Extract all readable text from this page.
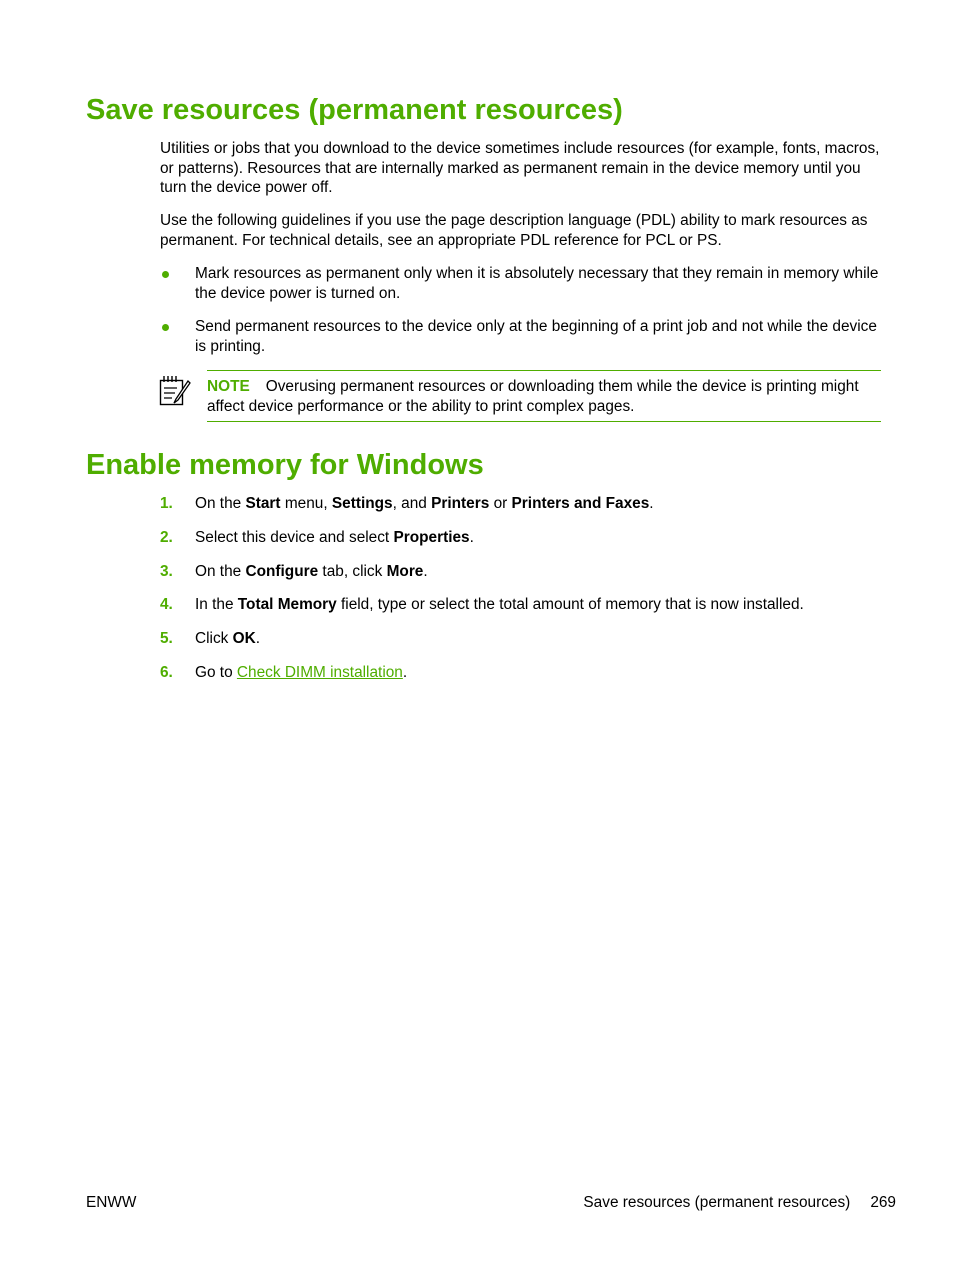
Save resources (permanent resources)

Utilities or jobs that you download to the device sometimes include resources (for example, fonts, macros, or patterns). Resources that are internally marked as permanent remain in the device memory until you turn the device power off.

Use the following guidelines if you use the page description language (PDL) ability to mark resources as permanent. For technical details, see an appropriate PDL reference for PCL or PS.

Mark resources as permanent only when it is absolutely necessary that they remain in memory while the device power is turned on.

Send permanent resources to the device only at the beginning of a print job and not while the device is printing.

NOTE Overusing permanent resources or downloading them while the device is printing might affect device performance or the ability to print complex pages.

Enable memory for Windows
1. On the Start menu, Settings, and Printers or Printers and Faxes.
2. Select this device and select Properties.
3. On the Configure tab, click More.
4. In the Total Memory field, type or select the total amount of memory that is now installed.
5. Click OK.
6. Go to Check DIMM installation.
ENWW	Save resources (permanent resources) 269
